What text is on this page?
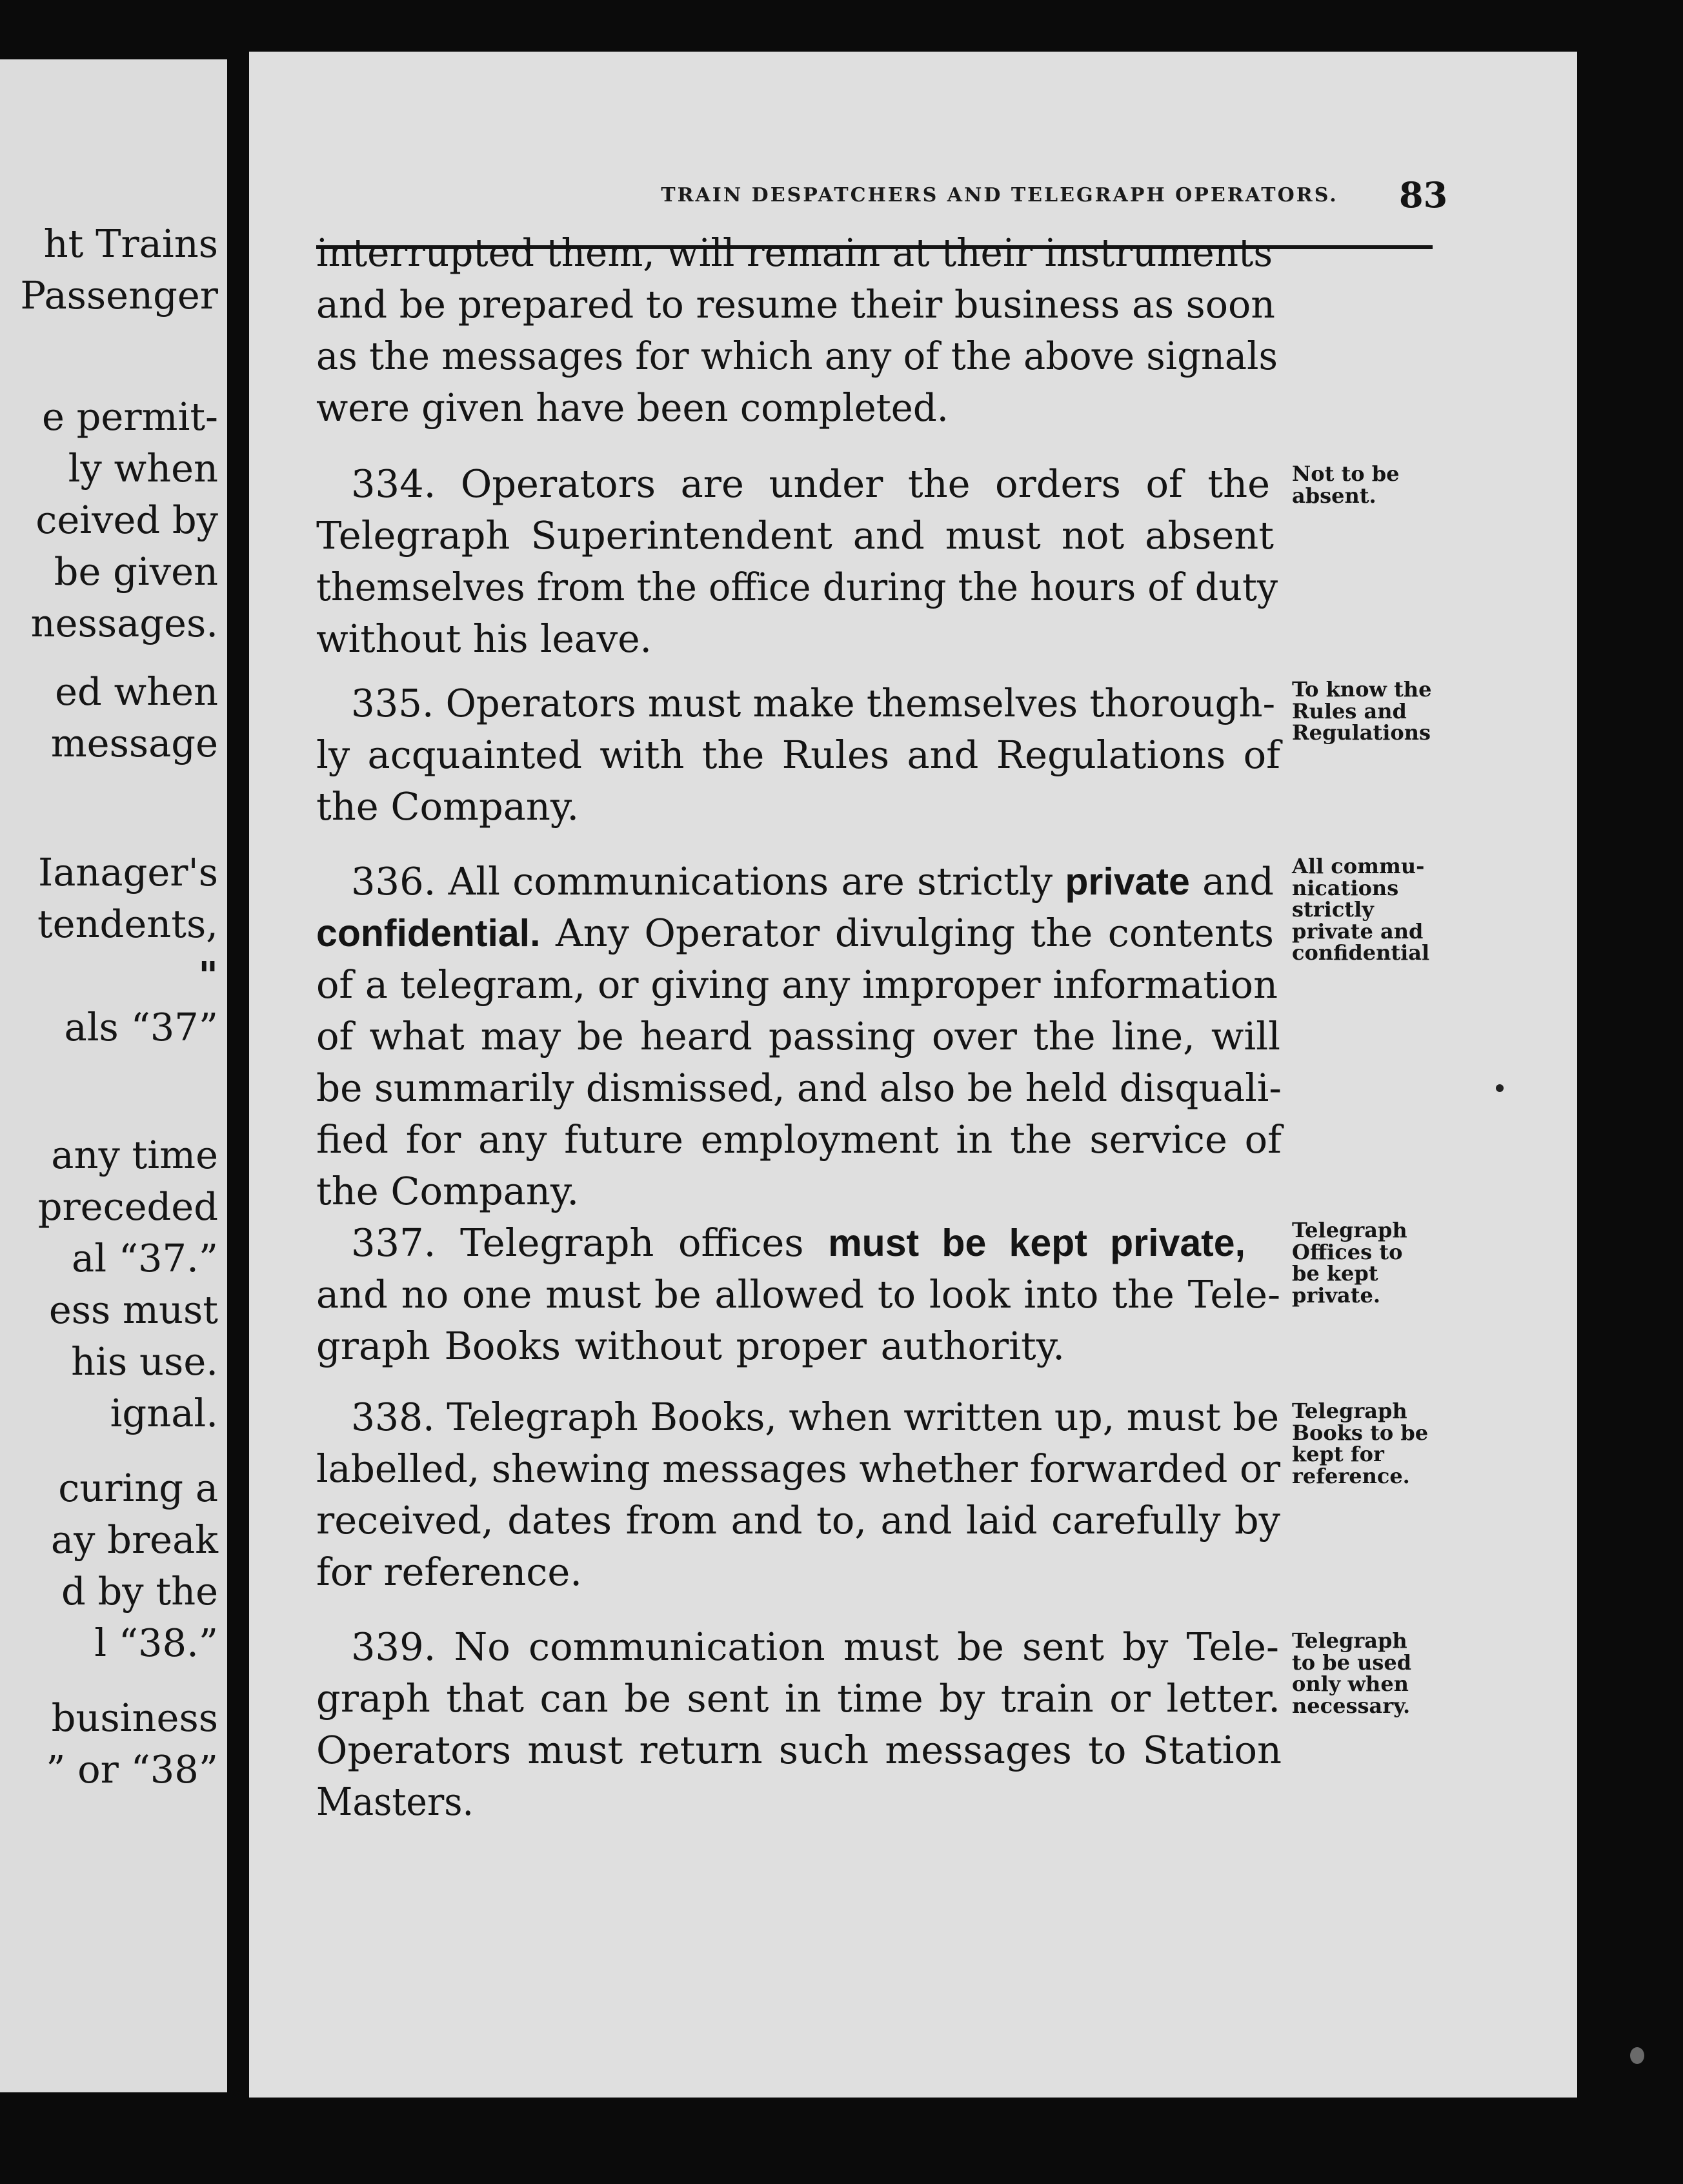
ht Trains
Passenger
e permit-
ly when
ceived by
be given
nessages.
ed when
message
Ianager's
tendents,
"
als “37”
any time
preceded
al “37.”
ess must
his use.
ignal.
curing a
ay break
d by the
l “38.”
business
” or “38”
TRAIN DESPATCHERS AND TELEGRAPH OPERATORS.	83
interrupted them, will remain at their instruments
and be prepared to resume their business as soon
as the messages for which any of the above signals
were given have been completed.
334. Operators are under the orders of the
Telegraph Superintendent and must not absent
themselves from the office during the hours of duty
without his leave.
335. Operators must make themselves thorough-
ly acquainted with the Rules and Regulations of
the Company.
336. All communications are strictly private and
confidential. Any Operator divulging the contents
of a telegram, or giving any improper information
of what may be heard passing over the line, will
be summarily dismissed, and also be held disquali-
fied for any future employment in the service of
the Company.
337. Telegraph offices must be kept private,
and no one must be allowed to look into the Tele-
graph Books without proper authority.
338. Telegraph Books, when written up, must be
labelled, shewing messages whether forwarded or
received, dates from and to, and laid carefully by
for reference.
339. No communication must be sent by Tele-
graph that can be sent in time by train or letter.
Operators must return such messages to Station
Masters.
Not to be
absent.
To know the
Rules and
Regulations
All commu-
nications
strictly
private and
confidential
Telegraph
Offices to
be kept
private.
Telegraph
Books to be
kept for
reference.
Telegraph
to be used
only when
necessary.
